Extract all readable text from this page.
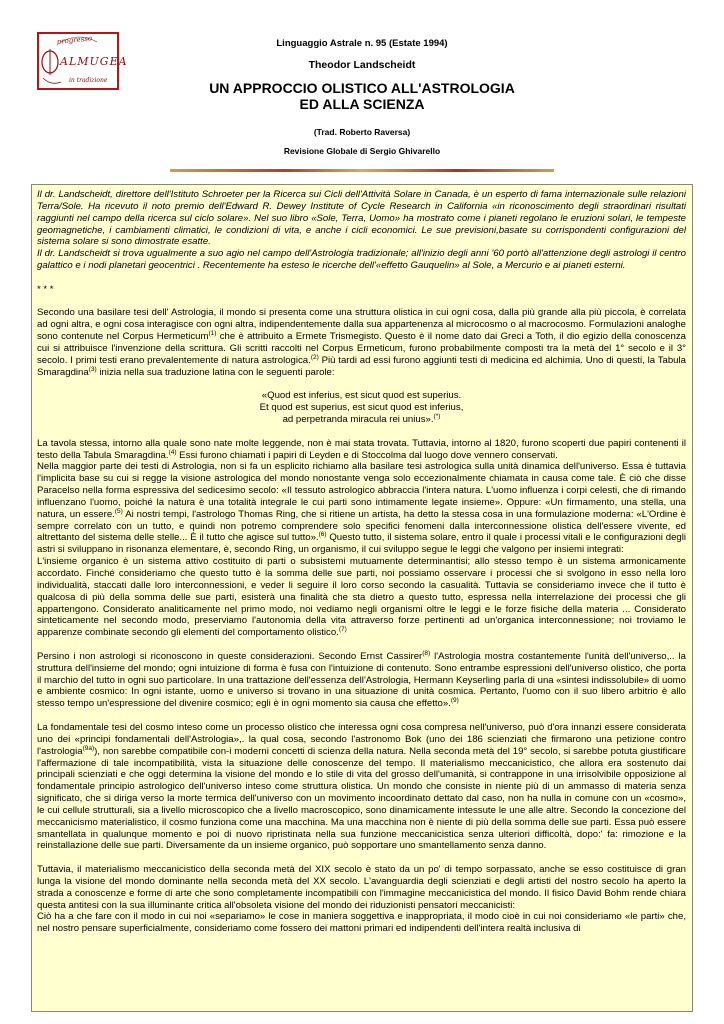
progresso
ALMUGEA
in tradizione
Linguaggio Astrale n. 95 (Estate 1994)
Theodor Landscheidt
UN APPROCCIO OLISTICO ALL'ASTROLOGIA
ED ALLA SCIENZA
(Trad. Roberto Raversa)
Revisione Globale di Sergio Ghivarello

Il dr. Landscheidt, direttore dell'Istituto Schroeter per la Ricerca sui Cicli dell'Attività Solare in Canada, è un esperto di fama internazionale sulle relazioni Terra/Sole. Ha ricevuto il noto premio dell'Edward R. Dewey Institute of Cycle Research in California «in riconoscimento degli straordinari risultati raggiunti nel campo della ricerca sul ciclo solare». Nel suo libro «Sole, Terra, Uomo» ha mostrato come i pianeti regolano le eruzioni solari, le tempeste geomagnetiche, i cambiamenti climatici, le condizioni di vita, e anche i cicli economici. Le sue previsioni,basate su corrispondenti configurazioni del sistema solare si sono dimostrate esatte.

Il dr. Landscheidt si trova ugualmente a suo agio nel campo dell'Astrologia tradizionale; all'inizio degli anni '60 portò all'attenzione degli astrologi il centro galattico e i nodi planetari geocentrici . Recentemente ha esteso le ricerche dell'«effetto Gauquelin» al Sole, a Mercurio e ai pianeti esterni.

* * *

Secondo una basilare tesi dell' Astrologia, il mondo si presenta come una struttura olistica in cui ogni cosa, dalla più grande alla più piccola, è correlata ad ogni altra, e ogni cosa interagisce con ogni altra, indipendentemente dalla sua appartenenza al microcosmo o al macrocosmo. Formulazioni analoghe sono contenute nel Corpus Hermeticum$^{(1)}$ che è attribuito a Ermete Trismegisto. Questo è il nome dato dai Greci a Toth, il dio egizio della conoscenza cui si attribuisce l'invenzione della scrittura. Gli scritti raccolti nel Corpus Ermeticum, furono probabilmente composti tra la metà del 1° secolo e il 3° secolo. I primi testi erano prevalentemente di natura astrologica.$^{(2)}$ Più tardi ad essi furono aggiunti testi di medicina ed alchimia. Uno di questi, la Tabula Smaragdina$^{(3)}$ inizia nella sua traduzione latina con le seguenti parole:

«Quod est inferius, est sicut quod est superius.
Et quod est superius, est sicut quod est inferius,
ad perpetranda miracula rei unius».(*)

La tavola stessa, intorno alla quale sono nate molte leggende, non è mai stata trovata. Tuttavia, intorno al 1820, furono scoperti due papiri contenenti il testo della Tabula Smaragdina.$^{(4)}$ Essi furono chiamati i papiri di Leyden e di Stoccolma dal luogo dove vennero conservati.

Nella maggior parte dei testi di Astrologia, non si fa un esplicito richiamo alla basilare tesi astrologica sulla unità dinamica dell'universo. Essa è tuttavia l'implicita base su cui si regge la visione astrologica del mondo nonostante venga solo eccezionalmente chiamata in causa come tale. È ciò che disse Paracelso nella forma espressiva del sedicesimo secolo: «Il tessuto astrologico abbraccia l'intera natura. L'uomo influenza i corpi celesti, che di rimando influenzano l'uomo, poiché la natura è una totalità integrale le cui parti sono intimamente legate insieme». Oppure: «Un firmamento, una stella, una natura, un essere.$^{(5)}$ Ai nostri tempi, l'astrologo Thomas Ring, che si ritiene un artista, ha detto la stessa cosa in una formulazione moderna: «L'Ordine è sempre correlato con un tutto, e quindi non potremo comprendere solo specifici fenomeni dalla interconnessione olistica dell'essere vivente, ed altrettanto del sistema delle stelle... È il tutto che agisce sul tutto».$^{(6)}$ Questo tutto, il sistema solare, entro il quale i processi vitali e le configurazioni degli astri si sviluppano in risonanza elementare, è, secondo Ring, un organismo, il cui sviluppo segue le leggi che valgono per insiemi integrati:

L'insieme organico è un sistema attivo costituito di parti o subsistemi mutuamente determinantisi; allo stesso tempo è un sistema armonicamente accordato. Finché consideriamo che questo tutto è la somma delle sue parti, noi possiamo osservare i processi che si svolgono in esso nella loro individualità, staccati dalle loro interconnessioni, e veder li seguire il loro corso secondo la casualità. Tuttavia se consideriamo invece che il tutto è qualcosa di più della somma delle sue parti, esisterà una finalità che sta dietro a questo tutto, espressa nella interrelazione dei processi che gli appartengono. Considerato analiticamente nel primo modo, noi vediamo negli organismi oltre le leggi e le forze fisiche della materia ... Considerato sinteticamente nel secondo modo, preserviamo l'autonomia della vita attraverso forze pertinenti ad un'organica interconnessione; noi troviamo le apparenze combinate secondo gli elementi del comportamento olistico.$^{(7)}$

Persino i non astrologi si riconoscono in queste considerazioni. Secondo Ernst Cassirer$^{(8)}$ l'Astrologia mostra costantemente l'unità dell'universo,.. la struttura dell'insieme del mondo; ogni intuizione di forma è fusa con l'intuizione di contenuto. Sono entrambe espressioni dell'universo olistico, che porta il marchio del tutto in ogni suo particolare. In una trattazione dell'essenza dell'Astrologia, Hermann Keyserling parla di una «sintesi indissolubile» di uomo e ambiente cosmico: In ogni istante, uomo e universo si trovano in una situazione di unità cosmica. Pertanto, l'uomo con il suo libero arbitrio è allo stesso tempo un'espressione del divenire cosmico; egli è in ogni momento sia causa che effetto».$^{(9)}$

La fondamentale tesi del cosmo inteso come un processo olistico che interessa ogni cosa compresa nell'universo, può d'ora innanzi essere considerata uno dei «principi fondamentali dell'Astrologia»,. la qual cosa, secondo l'astronomo Bok (uno dei 186 scienziati che firmarono una petizione contro l'astrologia$^{(9a)}$), non sarebbe compatibile con-i moderni concetti di scienza della natura. Nella seconda metà del 19° secolo, si sarebbe potuta giustificare l'affermazione di tale incompatibilità, vista la situazione delle conoscenze del tempo. Il materialismo meccanicistico, che allora era sostenuto dai principali scienziati e che oggi determina la visione del mondo e lo stile di vita del grosso dell'umanità, si contrappone in una irrisolvibile opposizione al fondamentale principio astrologico dell'universo inteso come struttura olistica. Un mondo che consiste in niente più di un ammasso di materia senza significato, che si diriga verso la morte termica dell'universo con un movimento incoordinato dettato dal caso, non ha nulla in comune con un «cosmo», le cui cellule strutturali, sia a livello microscopico che a livello macroscopico, sono dinamicamente intessute le une alle altre. Secondo la concezione del meccanicismo materialistico, il cosmo funziona come una macchina. Ma una macchina non è niente di più della somma delle sue parti. Essa può essere smantellata in qualunque momento e poi di nuovo ripristinata nella sua funzione meccanicistica senza ulteriori difficoltà, dopo:' fa: rimozione e la reinstallazione delle sue parti. Diversamente da un insieme organico, può sopportare uno smantellamento senza danno.

Tuttavia, il materialismo meccanicistico della seconda metà del XIX secolo è stato da un po' di tempo sorpassato, anche se esso costituisce di gran lunga la visione del mondo dominante nella seconda metà del XX secolo. L'avanguardia degli scienziati e degli artisti del nostro secolo ha aperto la strada a conoscenze e forme di arte che sono completamente incompatibili con l'immagine meccanicistica del mondo. Il fisico David Bohm rende chiara questa antitesi con la sua illuminante critica all'obsoleta visione del mondo dei riduzionisti pensatori meccanicisti:

Ciò ha a che fare con il modo in cui noi «separiamo» le cose in maniera soggettiva e inappropriata, il modo cioè in cui noi consideriamo «le parti» che, nel nostro pensare superficialmente, consideriamo come fossero dei mattoni primari ed indipendenti dell'intera realtà inclusiva di
